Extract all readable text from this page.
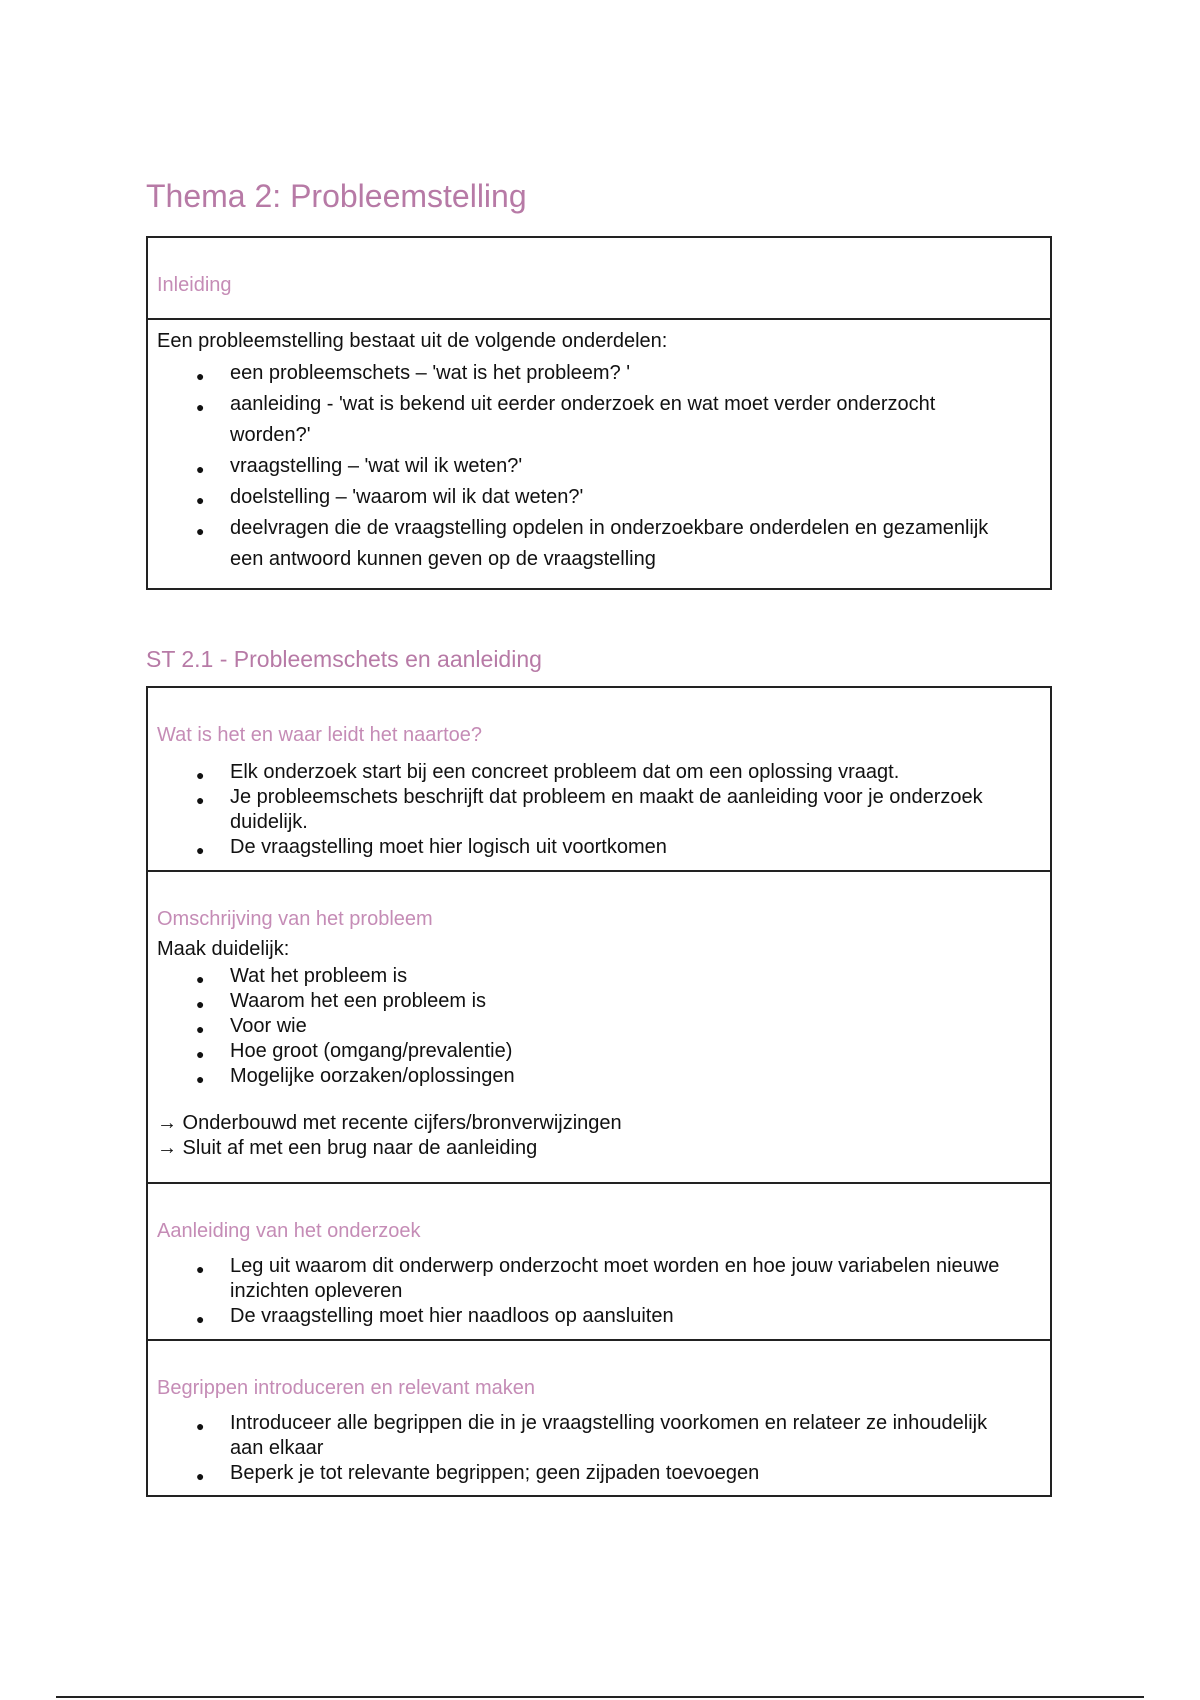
Thema 2: Probleemstelling
Inleiding
Een probleemstelling bestaat uit de volgende onderdelen:
● een probleemschets – 'wat is het probleem? '
● aanleiding - 'wat is bekend uit eerder onderzoek en wat moet verder onderzocht worden?'
● vraagstelling – 'wat wil ik weten?'
● doelstelling – 'waarom wil ik dat weten?'
● deelvragen die de vraagstelling opdelen in onderzoekbare onderdelen en gezamenlijk een antwoord kunnen geven op de vraagstelling
ST 2.1 - Probleemschets en aanleiding
Wat is het en waar leidt het naartoe?
● Elk onderzoek start bij een concreet probleem dat om een oplossing vraagt.
● Je probleemschets beschrijft dat probleem en maakt de aanleiding voor je onderzoek duidelijk.
● De vraagstelling moet hier logisch uit voortkomen
Omschrijving van het probleem
Maak duidelijk:
● Wat het probleem is
● Waarom het een probleem is
● Voor wie
● Hoe groot (omgang/prevalentie)
● Mogelijke oorzaken/oplossingen
→ Onderbouwd met recente cijfers/bronverwijzingen
→ Sluit af met een brug naar de aanleiding
Aanleiding van het onderzoek
● Leg uit waarom dit onderwerp onderzocht moet worden en hoe jouw variabelen nieuwe inzichten opleveren
● De vraagstelling moet hier naadloos op aansluiten
Begrippen introduceren en relevant maken
● Introduceer alle begrippen die in je vraagstelling voorkomen en relateer ze inhoudelijk aan elkaar
● Beperk je tot relevante begrippen; geen zijpaden toevoegen
